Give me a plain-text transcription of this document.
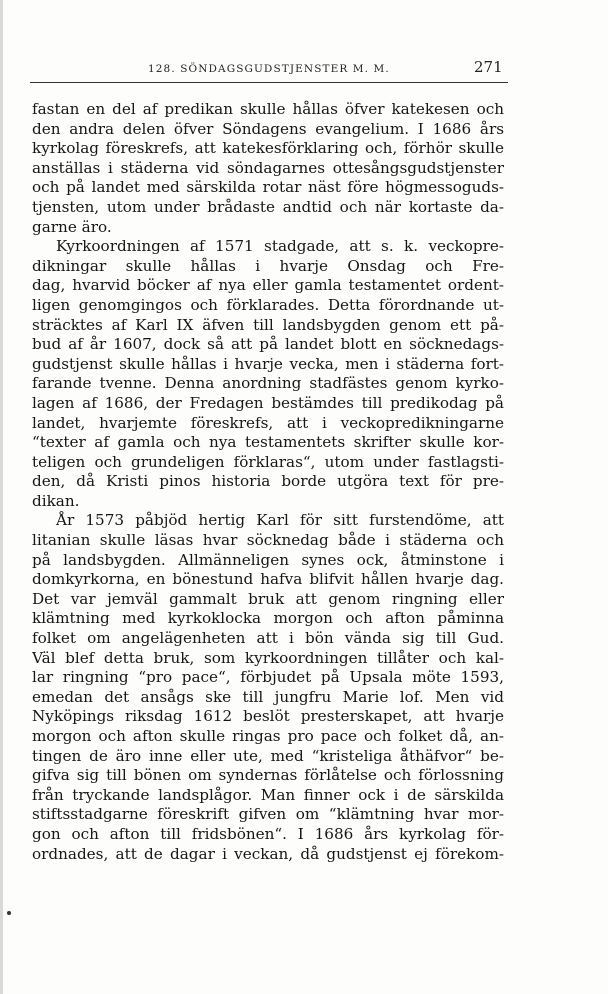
128. SÖNDAGSGUDSTJENSTER M. M.	271
fastan en del af predikan skulle hållas öfver katekesen och
den andra delen öfver Söndagens evangelium. I 1686 års
kyrkolag föreskrefs, att katekesförklaring och, förhör skulle
anställas i städerna vid söndagarnes ottesångsgudstjenster
och på landet med särskilda rotar näst före högmessoguds-
tjensten, utom under brådaste andtid och när kortaste da-
garne äro.
Kyrkoordningen af 1571 stadgade, att s. k. veckopre-
dikningar skulle hållas i hvarje Onsdag och Fre-
dag, hvarvid böcker af nya eller gamla testamentet ordent-
ligen genomgingos och förklarades. Detta förordnande ut-
sträcktes af Karl IX äfven till landsbygden genom ett på-
bud af år 1607, dock så att på landet blott en söcknedags-
gudstjenst skulle hållas i hvarje vecka, men i städerna fort-
farande tvenne. Denna anordning stadfästes genom kyrko-
lagen af 1686, der Fredagen bestämdes till predikodag på
landet, hvarjemte föreskrefs, att i veckopredikningarne
“texter af gamla och nya testamentets skrifter skulle kor-
teligen och grundeligen förklaras“, utom under fastlagsti-
den, då Kristi pinos historia borde utgöra text för pre-
dikan.
År 1573 påbjöd hertig Karl för sitt furstendöme, att
litanian skulle läsas hvar söcknedag både i städerna och
på landsbygden. Allmänneligen synes ock, åtminstone i
domkyrkorna, en bönestund hafva blifvit hållen hvarje dag.
Det var jemväl gammalt bruk att genom ringning eller
klämtning med kyrkoklocka morgon och afton påminna
folket om angelägenheten att i bön vända sig till Gud.
Väl blef detta bruk, som kyrkoordningen tillåter och kal-
lar ringning “pro pace“, förbjudet på Upsala möte 1593,
emedan det ansågs ske till jungfru Marie lof. Men vid
Nyköpings riksdag 1612 beslöt presterskapet, att hvarje
morgon och afton skulle ringas pro pace och folket då, an-
tingen de äro inne eller ute, med “kristeliga åthäfvor“ be-
gifva sig till bönen om syndernas förlåtelse och förlossning
från tryckande landsplågor. Man finner ock i de särskilda
stiftsstadgarne föreskrift gifven om “klämtning hvar mor-
gon och afton till fridsbönen“. I 1686 års kyrkolag för-
ordnades, att de dagar i veckan, då gudstjenst ej förekom-
